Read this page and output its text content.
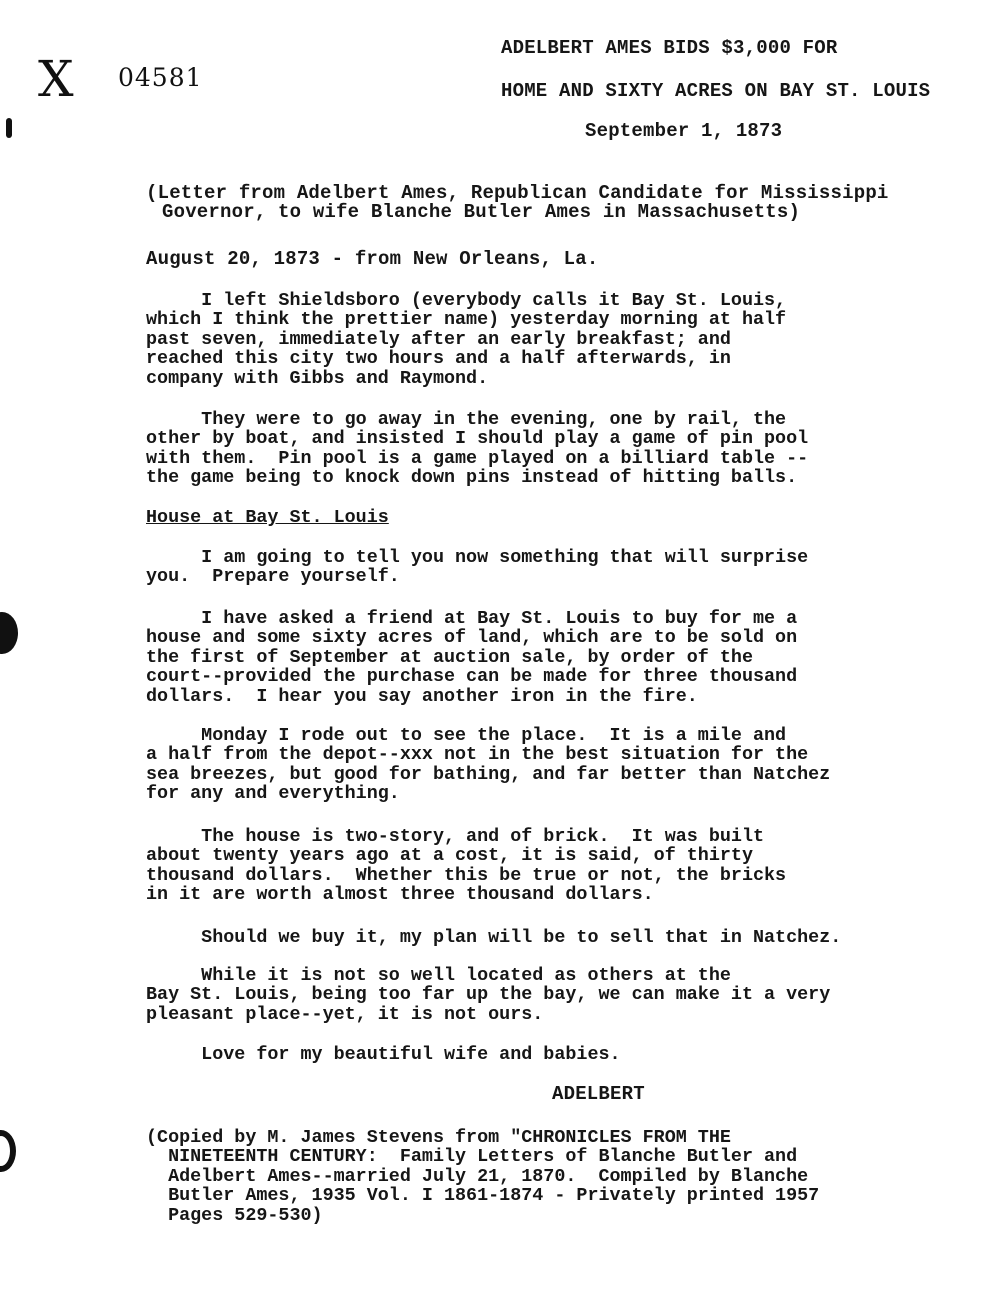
X 04581
ADELBERT AMES BIDS $3,000 FOR
HOME AND SIXTY ACRES ON BAY ST. LOUIS
September 1, 1873
(Letter from Adelbert Ames, Republican Candidate for Mississippi
Governor, to wife Blanche Butler Ames in Massachusetts)
August 20, 1873 - from New Orleans, La.
I left Shieldsboro (everybody calls it Bay St. Louis,
which I think the prettier name) yesterday morning at half
past seven, immediately after an early breakfast; and
reached this city two hours and a half afterwards, in
company with Gibbs and Raymond.
They were to go away in the evening, one by rail, the
other by boat, and insisted I should play a game of pin pool
with them.  Pin pool is a game played on a billiard table --
the game being to knock down pins instead of hitting balls.
House at Bay St. Louis
I am going to tell you now something that will surprise
you.  Prepare yourself.
I have asked a friend at Bay St. Louis to buy for me a
house and some sixty acres of land, which are to be sold on
the first of September at auction sale, by order of the
court--provided the purchase can be made for three thousand
dollars.  I hear you say another iron in the fire.
Monday I rode out to see the place.  It is a mile and
a half from the depot--xxx not in the best situation for the
sea breezes, but good for bathing, and far better than Natchez
for any and everything.
The house is two-story, and of brick.  It was built
about twenty years ago at a cost, it is said, of thirty
thousand dollars.  Whether this be true or not, the bricks
in it are worth almost three thousand dollars.
Should we buy it, my plan will be to sell that in Natchez.
While it is not so well located as others at the
Bay St. Louis, being too far up the bay, we can make it a very
pleasant place--yet, it is not ours.
Love for my beautiful wife and babies.
ADELBERT
(Copied by M. James Stevens from "CHRONICLES FROM THE
NINETEENTH CENTURY:  Family Letters of Blanche Butler and
Adelbert Ames--married July 21, 1870.  Compiled by Blanche
Butler Ames, 1935 Vol. I 1861-1874 - Privately printed 1957
Pages 529-530)
